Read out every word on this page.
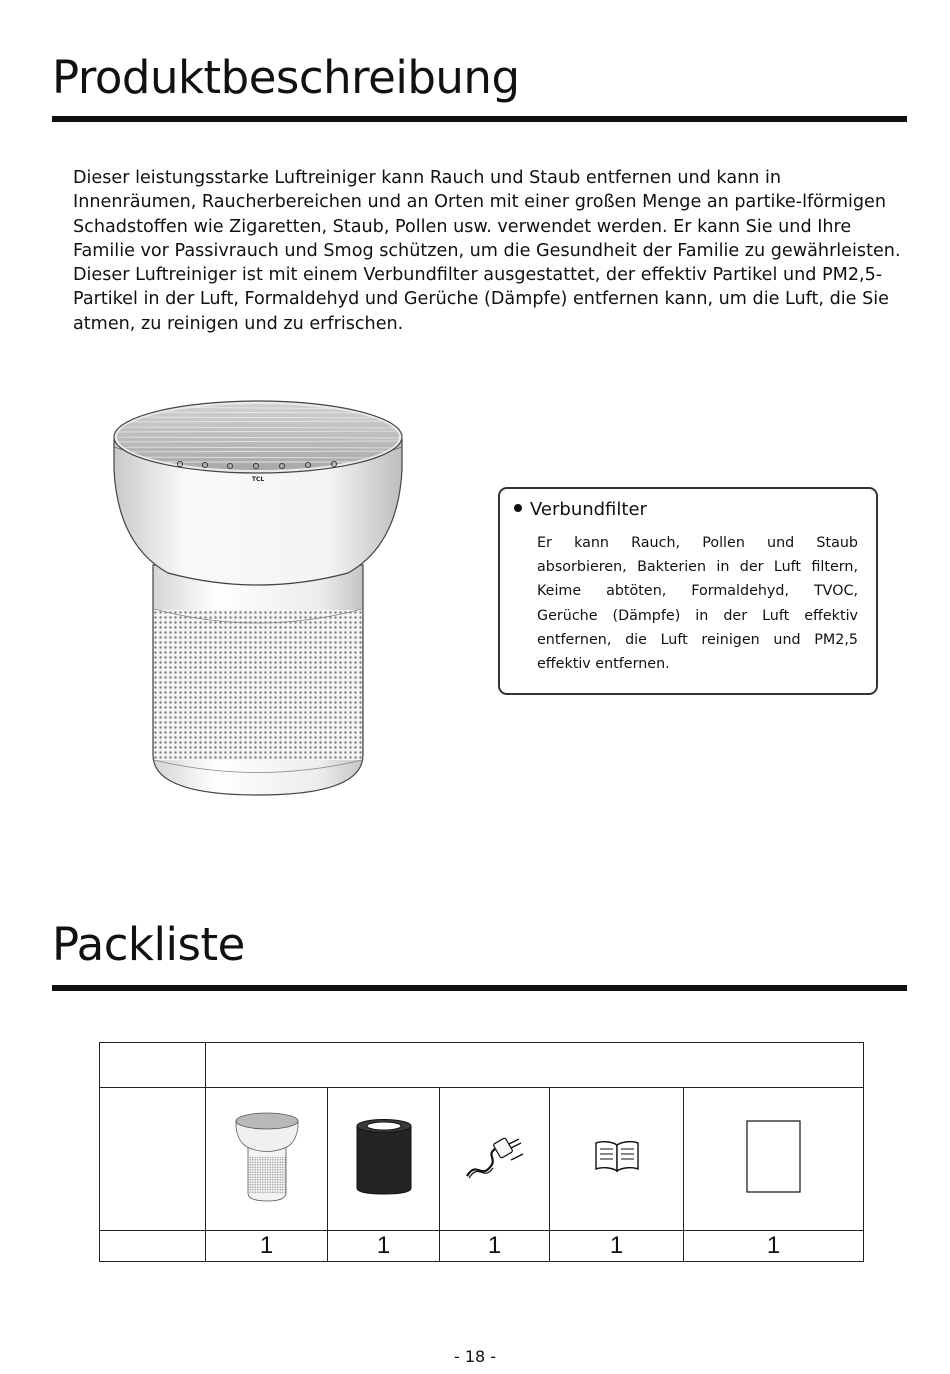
Produktbeschreibung

Dieser leistungsstarke Luftreiniger kann Rauch und Staub entfernen und kann in Innenräumen, Raucherbereichen und an Orten mit einer großen Menge an partike-lförmigen Schadstoffen wie Zigaretten, Staub, Pollen usw. verwendet werden. Er kann Sie und Ihre Familie vor Passivrauch und Smog schützen, um die Gesundheit der Familie zu gewährleisten.

Dieser Luftreiniger ist mit einem Verbundfilter ausgestattet, der effektiv Partikel und PM2,5-Partikel in der Luft, Formaldehyd und Gerüche (Dämpfe) entfernen kann, um die Luft, die Sie atmen, zu reinigen und zu erfrischen.

TCL
Verbundfilter
Er kann Rauch, Pollen und Staub absorbieren, Bakterien in der Luft filtern, Keime abtöten, Formaldehyd, TVOC, Gerüche (Dämpfe) in der Luft effektiv entfernen, die Luft reinigen und PM2,5 effektiv entfernen.
Packliste

	1	1	1	1	1
- 18 -
